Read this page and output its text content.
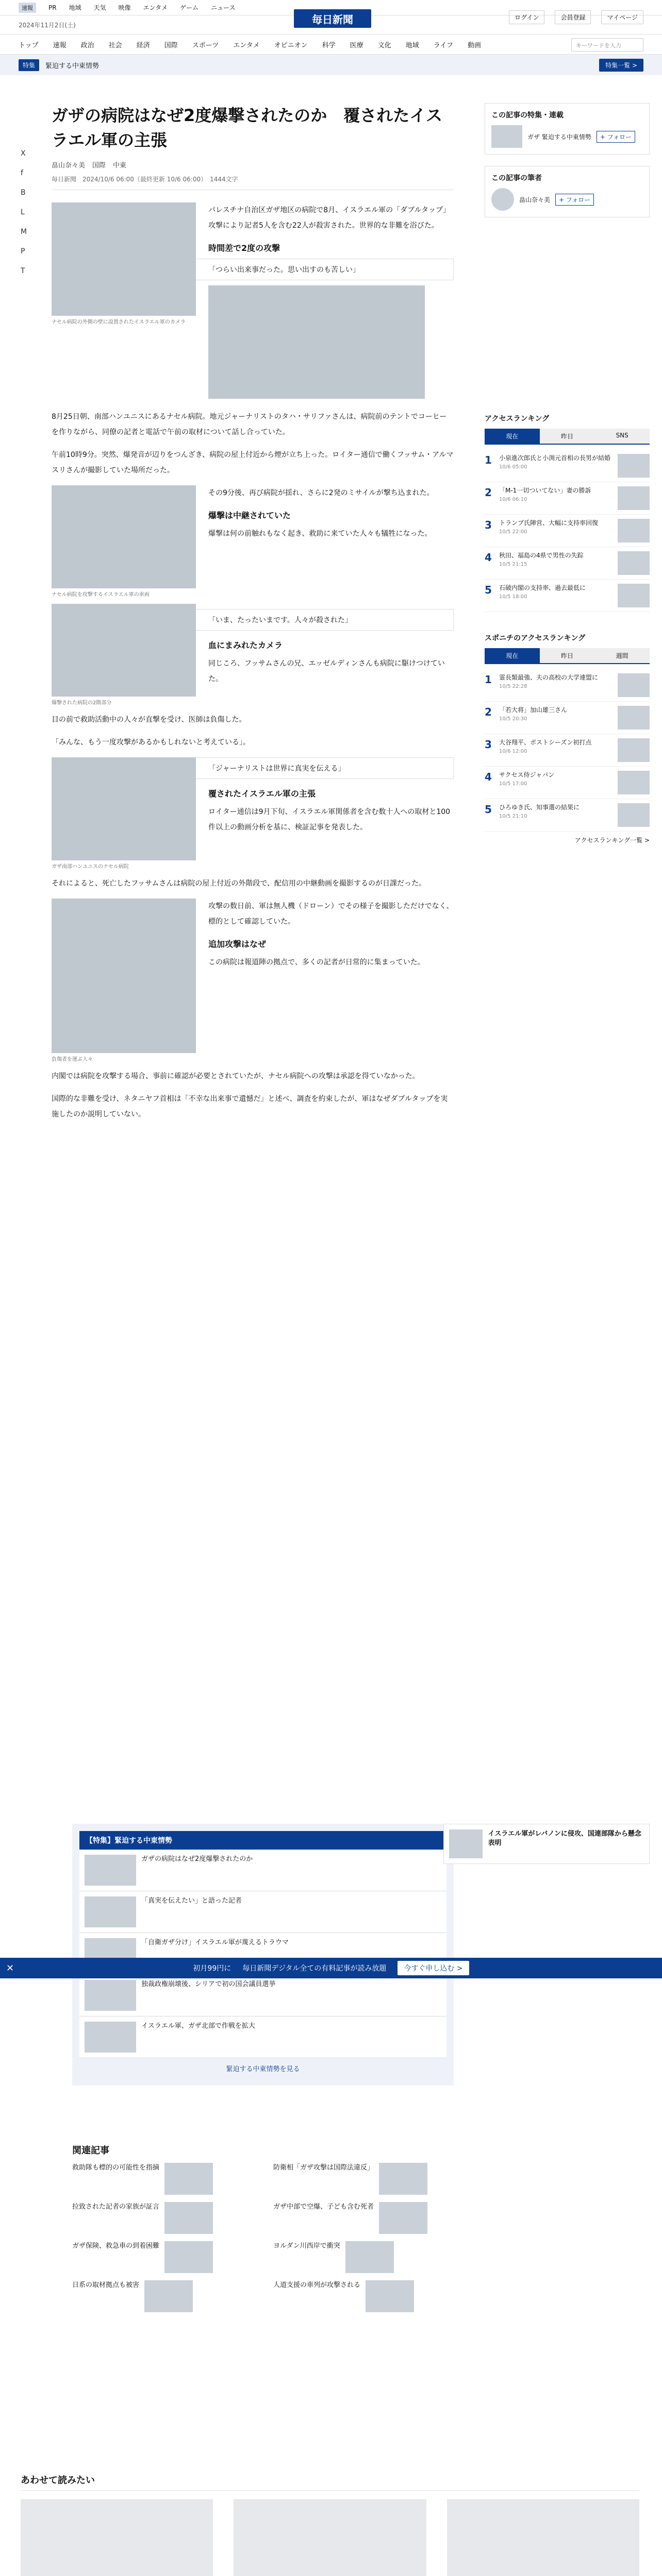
速報	PR 地域 天気 映像 エンタメ ゲーム ニュース
2024年11月2日(土)	毎日新聞	ログイン	会員登録	マイページ
トップ 速報 政治 社会 経済 国際 スポーツ エンタメ オピニオン 科学 医療 文化 地域 ライフ 動画	キーワードを入力
特集	緊迫する中東情勢	特集一覧 >
X
f
B
L
M
P
T
ガザの病院はなぜ2度爆撃されたのか　覆されたイスラエル軍の主張
畠山奈々美 国際 中東
毎日新聞　2024/10/6 06:00（最終更新 10/6 06:00）　1444文字
ナセル病院の外側の壁に設置されたイスラエル軍のカメラ

パレスチナ自治区ガザ地区の病院で8月、イスラエル軍の「ダブルタップ」攻撃により記者5人を含む22人が殺害された。世界的な非難を浴びた。

時間差で2度の攻撃
「つらい出来事だった。思い出すのも苦しい」

8月25日朝、南部ハンユニスにあるナセル病院。地元ジャーナリストのタハ・サリファさんは、病院前のテントでコーヒーを作りながら、同僚の記者と電話で午前の取材について話し合っていた。

午前10時9分。突然、爆発音が辺りをつんざき、病院の屋上付近から煙が立ち上った。ロイター通信で働くフッサム・アルマスリさんが撮影していた場所だった。

ナセル病院を攻撃するイスラエル軍の車両

その9分後、再び病院が揺れ、さらに2発のミサイルが撃ち込まれた。

爆撃は中継されていた

爆撃は何の前触れもなく起き、救助に来ていた人々も犠牲になった。

爆撃された病院の2階部分
「いま、たったいまです。人々が殺された」
血にまみれたカメラ

同じころ、フッサムさんの兄、エッゼルディンさんも病院に駆けつけていた。

目の前で救助活動中の人々が直撃を受け、医師は負傷した。

「みんな、もう一度攻撃があるかもしれないと考えている」。

ガザ南部ハンユニスのナセル病院
「ジャーナリストは世界に真実を伝える」
覆されたイスラエル軍の主張

ロイター通信は9月下旬、イスラエル軍関係者を含む数十人への取材と100件以上の動画分析を基に、検証記事を発表した。

それによると、死亡したフッサムさんは病院の屋上付近の外階段で、配信用の中継動画を撮影するのが日課だった。

負傷者を運ぶ人々

攻撃の数日前、軍は無人機（ドローン）でその様子を撮影しただけでなく、標的として確認していた。

追加攻撃はなぜ

この病院は報道陣の拠点で、多くの記者が日常的に集まっていた。

内閣では病院を攻撃する場合、事前に確認が必要とされていたが、ナセル病院への攻撃は承認を得ていなかった。

国際的な非難を受け、ネタニヤフ首相は「不幸な出来事で遺憾だ」と述べ、調査を約束したが、軍はなぜダブルタップを実施したのか説明していない。

この記事の特集・連載
ガザ 緊迫する中東情勢	+ フォロー
この記事の筆者
畠山奈々美	+ フォロー
アクセスランキング
現在	昨日	SNS
1	小泉進次郎氏と小渕元首相の長男が結婚
10/6 05:00
2	「M-1一切ついてない」妻の勝訴
10/6 06:10
3	トランプ氏陣営、大幅に支持率回復
10/5 22:00
4	秋田、福島の4県で男性の失踪
10/5 21:15
5	石破内閣の支持率、過去最低に
10/5 18:00
スポニチのアクセスランキング
現在	昨日	週間
1	霊長類最強、夫の高校の大学連盟に
10/5 22:28
2	「若大将」加山雄三さん
10/5 20:30
3	大谷翔平、ポストシーズン初打点
10/6 12:00
4	サクセス侍ジャパン
10/5 17:00
5	ひろゆき氏、知事選の結果に
10/5 21:10
アクセスランキング一覧 >
【特集】緊迫する中東情勢
ガザの病院はなぜ2度爆撃されたのか
「真実を伝えたい」と語った記者
「自衛ガザ分け」イスラエル軍が蔑えるトラウマ
独裁政権崩壊後、シリアで初の国会議員選挙
イスラエル軍、ガザ北部で作戦を拡大
緊迫する中東情勢を見る
イスラエル軍がレバノンに侵攻、国連部隊から懸念表明
✕	初月99円に 毎日新聞デジタル全ての有料記事が読み放題	今すぐ申し込む >
関連記事
救助隊も標的の可能性を指摘	防衛相「ガザ攻撃は国際法違反」
拉致された記者の家族が証言	ガザ中部で空爆、子ども含む死者
ガザ保険、救急車の到着困難	ヨルダン川西岸で衝突
日系の取材拠点も被害	人道支援の車列が攻撃される
あわせて読みたい
